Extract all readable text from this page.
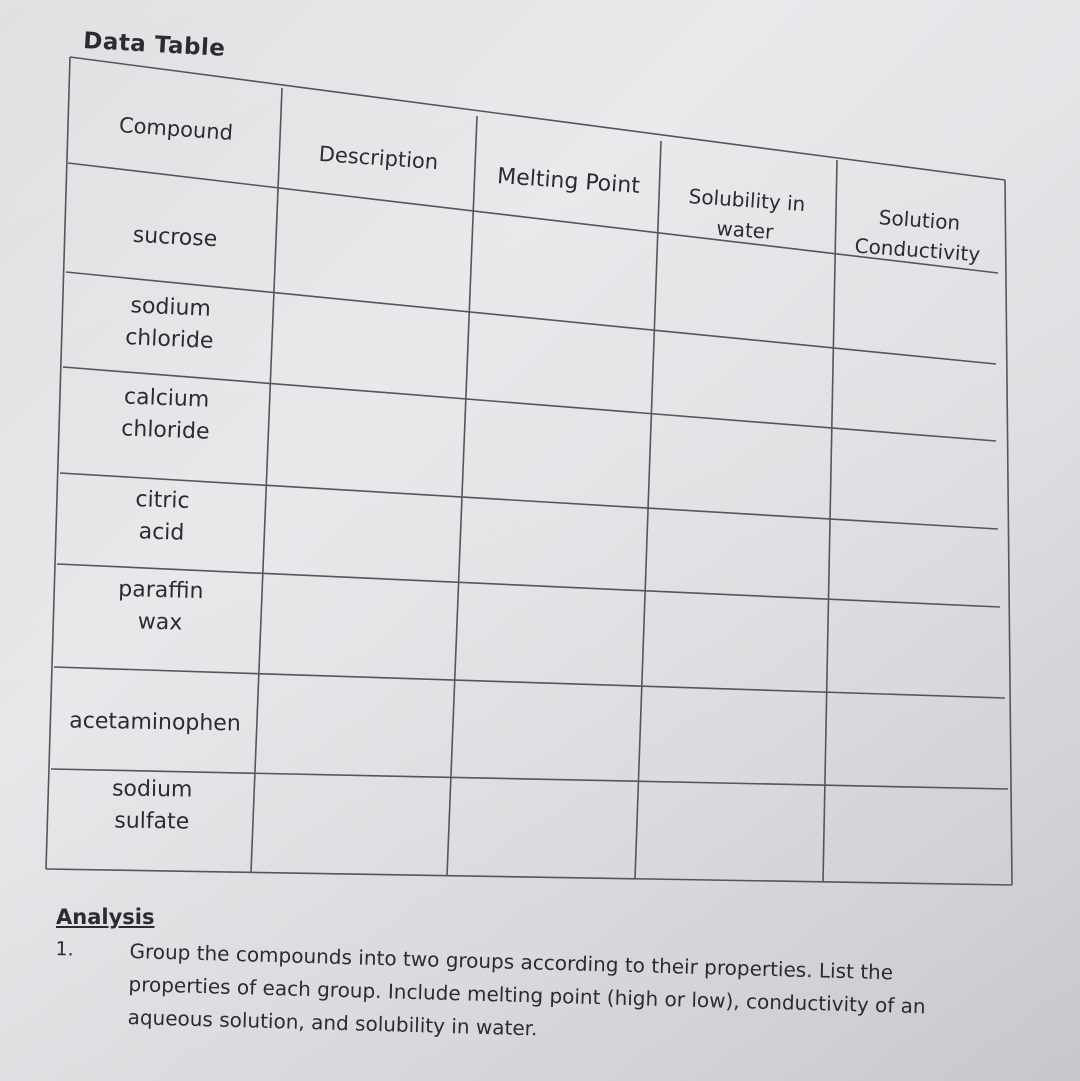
Data Table
Compound
Description
Melting Point
Solubility in
water	Solution
Conductivity
sucrose
sodium
chloride
calcium
chloride
citric
acid
paraffin
wax
acetaminophen
sodium
sulfate
Analysis
1.	Group the compounds into two groups according to their properties. List the properties of each group. Include melting point (high or low), conductivity of an aqueous solution, and solubility in water.
